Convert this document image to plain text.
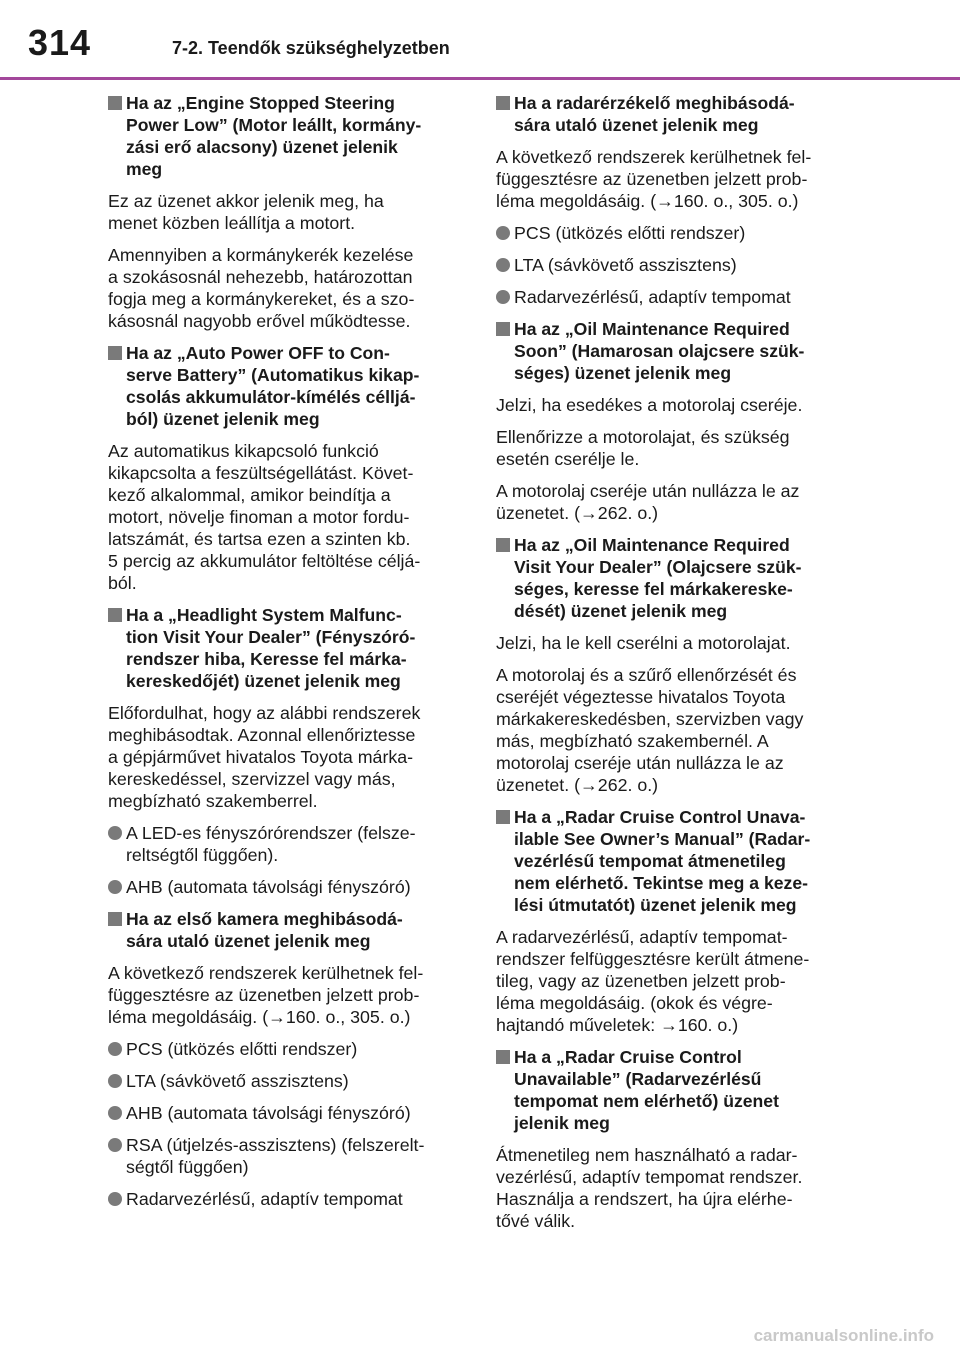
314	7-2. Teendők szükséghelyzetben
Ha az „Engine Stopped Steering
Power Low” (Motor leállt, kormány-
zási erő alacsony) üzenet jelenik
meg
Ez az üzenet akkor jelenik meg, ha
menet közben leállítja a motort.
Amennyiben a kormánykerék kezelése
a szokásosnál nehezebb, határozottan
fogja meg a kormánykereket, és a szo-
kásosnál nagyobb erővel működtesse.
Ha az „Auto Power OFF to Con-
serve Battery” (Automatikus kikap-
csolás akkumulátor-kímélés célljá-
ból) üzenet jelenik meg
Az automatikus kikapcsoló funkció
kikapcsolta a feszültségellátást. Követ-
kező alkalommal, amikor beindítja a
motort, növelje finoman a motor fordu-
latszámát, és tartsa ezen a szinten kb.
5 percig az akkumulátor feltöltése céljá-
ból.
Ha a „Headlight System Malfunc-
tion Visit Your Dealer” (Fényszóró-
rendszer hiba, Keresse fel márka-
kereskedőjét) üzenet jelenik meg
Előfordulhat, hogy az alábbi rendszerek
meghibásodtak. Azonnal ellenőriztesse
a gépjárművet hivatalos Toyota márka-
kereskedéssel, szervizzel vagy más,
megbízható szakemberrel.
A LED-es fényszórórendszer (felsze-
reltségtől függően).
AHB (automata távolsági fényszóró)
Ha az első kamera meghibásodá-
sára utaló üzenet jelenik meg
A következő rendszerek kerülhetnek fel-
függesztésre az üzenetben jelzett prob-
léma megoldásáig. (→160. o., 305. o.)
PCS (ütközés előtti rendszer)
LTA (sávkövető asszisztens)
AHB (automata távolsági fényszóró)
RSA (útjelzés-asszisztens) (felszerelt-
ségtől függően)
Radarvezérlésű, adaptív tempomat
Ha a radarérzékelő meghibásodá-
sára utaló üzenet jelenik meg
A következő rendszerek kerülhetnek fel-
függesztésre az üzenetben jelzett prob-
léma megoldásáig. (→160. o., 305. o.)
PCS (ütközés előtti rendszer)
LTA (sávkövető asszisztens)
Radarvezérlésű, adaptív tempomat
Ha az „Oil Maintenance Required
Soon” (Hamarosan olajcsere szük-
séges) üzenet jelenik meg
Jelzi, ha esedékes a motorolaj cseréje.
Ellenőrizze a motorolajat, és szükség
esetén cserélje le.
A motorolaj cseréje után nullázza le az
üzenetet. (→262. o.)
Ha az „Oil Maintenance Required
Visit Your Dealer” (Olajcsere szük-
séges, keresse fel márkakereske-
dését) üzenet jelenik meg
Jelzi, ha le kell cserélni a motorolajat.
A motorolaj és a szűrő ellenőrzését és
cseréjét végeztesse hivatalos Toyota
márkakereskedésben, szervizben vagy
más, megbízható szakembernél. A
motorolaj cseréje után nullázza le az
üzenetet. (→262. o.)
Ha a „Radar Cruise Control Unava-
ilable See Owner’s Manual” (Radar-
vezérlésű tempomat átmenetileg
nem elérhető. Tekintse meg a keze-
lési útmutatót) üzenet jelenik meg
A radarvezérlésű, adaptív tempomat-
rendszer felfüggesztésre került átmene-
tileg, vagy az üzenetben jelzett prob-
léma megoldásáig. (okok és végre-
hajtandó műveletek: →160. o.)
Ha a „Radar Cruise Control
Unavailable” (Radarvezérlésű
tempomat nem elérhető) üzenet
jelenik meg
Átmenetileg nem használható a radar-
vezérlésű, adaptív tempomat rendszer.
Használja a rendszert, ha újra elérhe-
tővé válik.
carmanualsonline.info
